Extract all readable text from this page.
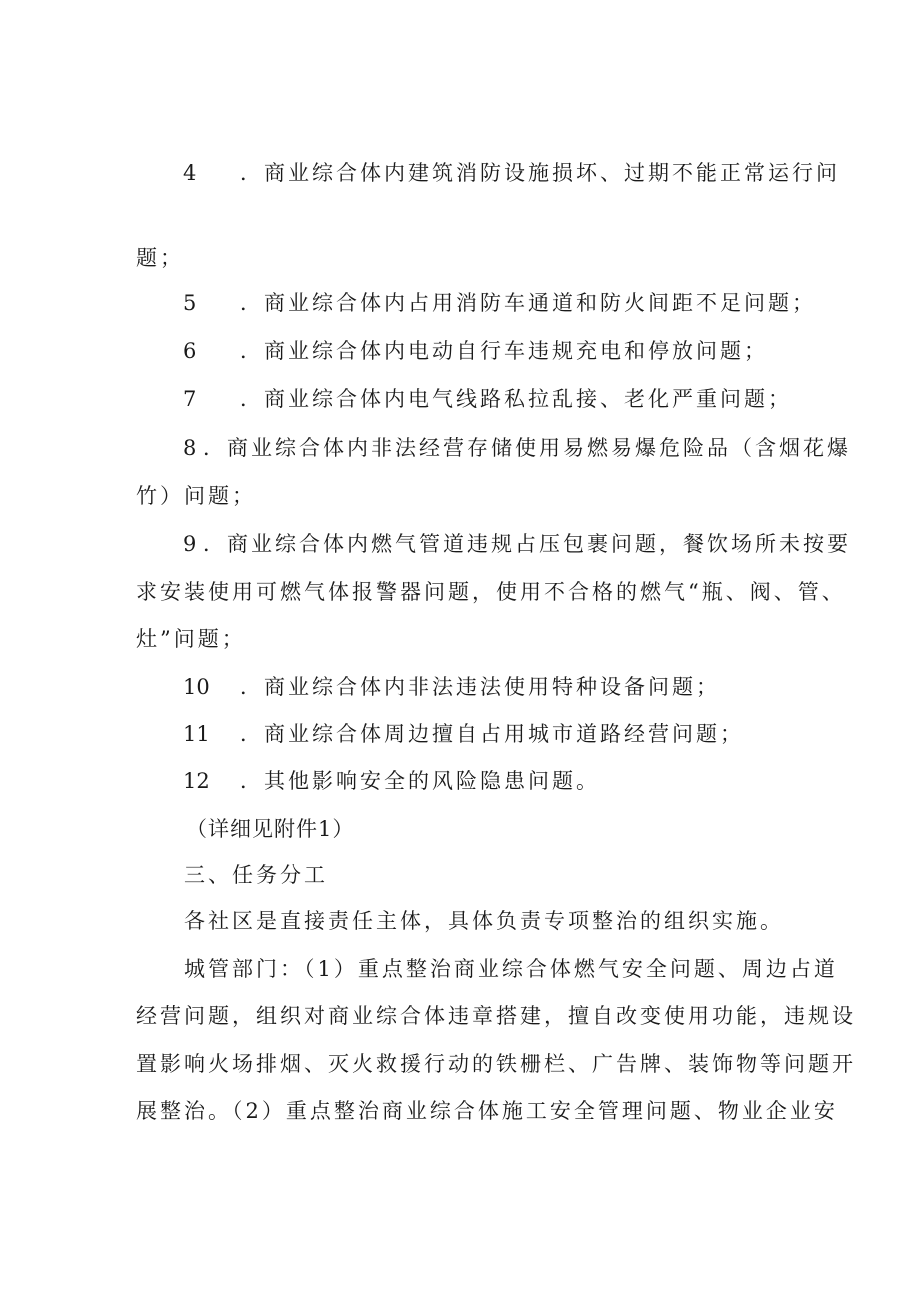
4 ．商业综合体内建筑消防设施损坏、过期不能正常运行问
题；
5 ．商业综合体内占用消防车通道和防火间距不足问题；
6 ．商业综合体内电动自行车违规充电和停放问题；
7 ．商业综合体内电气线路私拉乱接、老化严重问题；
8 ．商业综合体内非法经营存储使用易燃易爆危险品（含烟花爆
竹）问题；
9 ．商业综合体内燃气管道违规占压包裹问题，餐饮场所未按要
求安装使用可燃气体报警器问题，使用不合格的燃气“瓶、阀、管、
灶”问题；
10 ．商业综合体内非法违法使用特种设备问题；
11 ．商业综合体周边擅自占用城市道路经营问题；
12 ．其他影响安全的风险隐患问题。
（详细见附件1）
三、任务分工
各社区是直接责任主体，具体负责专项整治的组织实施。
城管部门：（1）重点整治商业综合体燃气安全问题、周边占道
经营问题，组织对商业综合体违章搭建，擅自改变使用功能，违规设
置影响火场排烟、灭火救援行动的铁栅栏、广告牌、装饰物等问题开
展整治。（2）重点整治商业综合体施工安全管理问题、物业企业安
